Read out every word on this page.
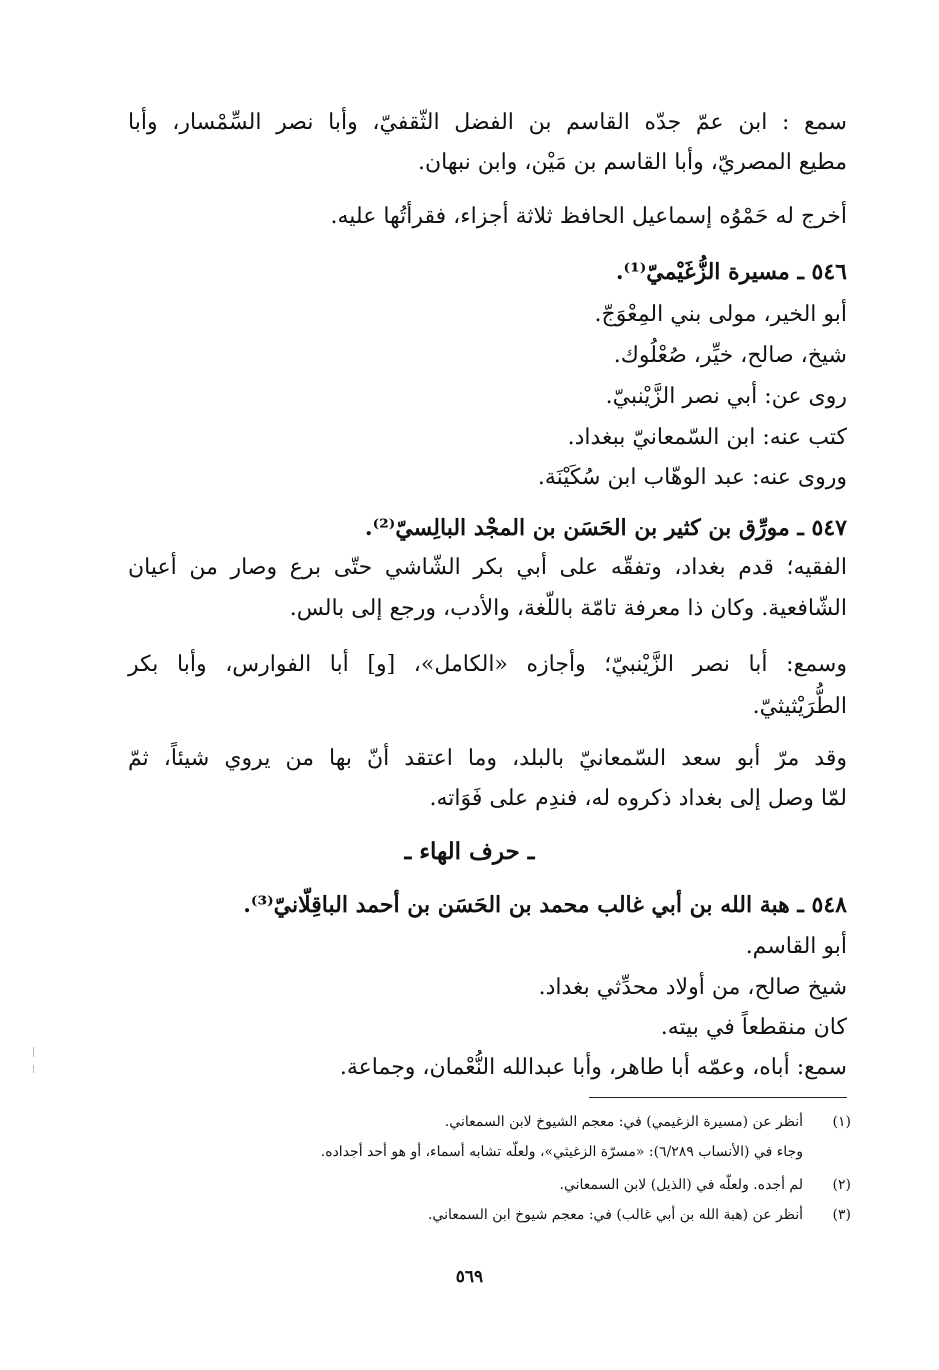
سمع : ابن عمّ جدّه القاسم بن الفضل الثّقفيّ، وأبا نصر السِّمْسار، وأبا
مطيع المصريّ، وأبا القاسم بن مَيْن، وابن نبهان.
أخرج له حَمْوُه إسماعيل الحافظ ثلاثة أجزاء، فقرأتُها عليه.
٥٤٦ ـ مسيرة الزُّغَيْميّ⁽¹⁾.
أبو الخير، مولى بني المِعْوَجّ.
شيخ، صالح، خيِّر، صُعْلُوك.
روى عن: أبي نصر الزَّيْنبيّ.
كتب عنه: ابن السّمعانيّ ببغداد.
وروى عنه: عبد الوهّاب ابن سُكَيْنَة.
٥٤٧ ـ مورِّق بن كثير بن الحَسَن بن المجْد البالِسيّ⁽²⁾.
الفقيه؛ قدم بغداد، وتفقّه على أبي بكر الشّاشي حتّى برع وصار من أعيان
الشّافعية. وكان ذا معرفة تامّة باللّغة، والأدب، ورجع إلى بالس.
وسمع: أبا نصر الزَّيْنبيّ؛ وأجازه «الكامل»، [و] أبا الفوارس، وأبا بكر
الطُّرَيْثيثيّ.
وقد مرّ أبو سعد السّمعانيّ بالبلد، وما اعتقد أنّ بها من يروي شيئاً، ثمّ
لمّا وصل إلى بغداد ذكروه له، فندِم على فَوَاته.
ـ حرف الهاء ـ
٥٤٨ ـ هبة الله بن أبي غالب محمد بن الحَسَن بن أحمد الباقِلّانيّ⁽³⁾.
أبو القاسم.
شيخ صالح، من أولاد محدِّثي بغداد.
كان منقطعاً في بيته.
سمع: أباه، وعمّه أبا طاهر، وأبا عبدالله النُّعْمان، وجماعة.
(١)أنظر عن (مسيرة الزغيمي) في: معجم الشيوخ لابن السمعاني.
وجاء في (الأنساب ٦/٢٨٩): «مسرّة الزغيثي»، ولعلّه تشابه أسماء، أو هو أحد أجداده.
(٢)لم أجده. ولعلّه في (الذيل) لابن السمعاني.
(٣)أنظر عن (هبة الله بن أبي غالب) في: معجم شيوخ ابن السمعاني.
٥٦٩
